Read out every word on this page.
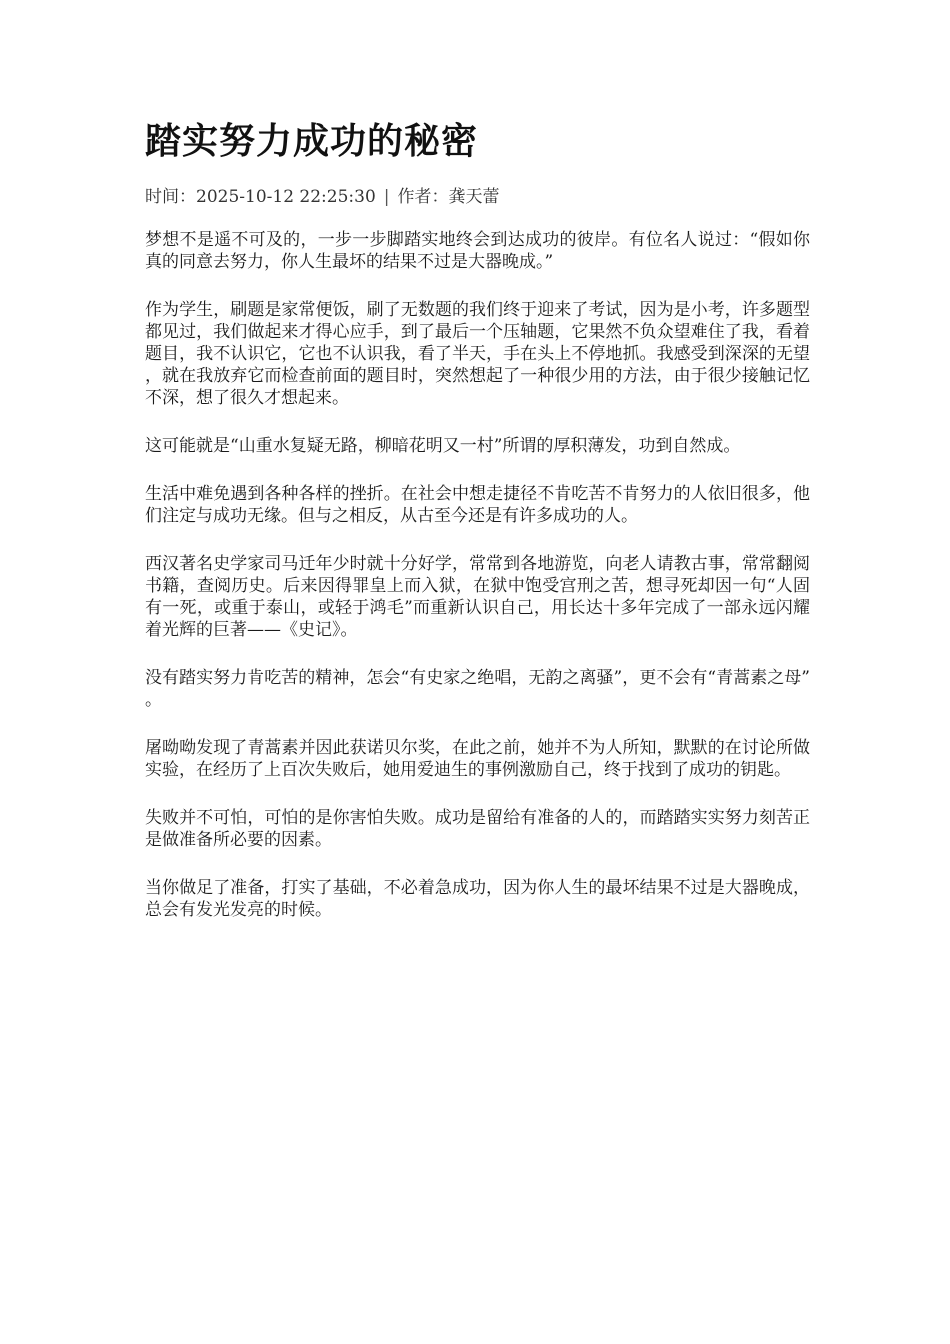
踏实努力成功的秘密
时间：2025-10-12 22:25:30 | 作者：龚天蕾

梦想不是遥不可及的，一步一步脚踏实地终会到达成功的彼岸。有位名人说过：“假如你真的同意去努力，你人生最坏的结果不过是大器晚成。”

作为学生，刷题是家常便饭，刷了无数题的我们终于迎来了考试，因为是小考，许多题型都见过，我们做起来才得心应手，到了最后一个压轴题，它果然不负众望难住了我，看着题目，我不认识它，它也不认识我，看了半天，手在头上不停地抓。我感受到深深的无望，就在我放弃它而检查前面的题目时，突然想起了一种很少用的方法，由于很少接触记忆不深，想了很久才想起来。

这可能就是“山重水复疑无路，柳暗花明又一村”所谓的厚积薄发，功到自然成。

生活中难免遇到各种各样的挫折。在社会中想走捷径不肯吃苦不肯努力的人依旧很多，他们注定与成功无缘。但与之相反，从古至今还是有许多成功的人。

西汉著名史学家司马迁年少时就十分好学，常常到各地游览，向老人请教古事，常常翻阅书籍，查阅历史。后来因得罪皇上而入狱，在狱中饱受宫刑之苦，想寻死却因一句“人固有一死，或重于泰山，或轻于鸿毛”而重新认识自己，用长达十多年完成了一部永远闪耀着光辉的巨著——《史记》。

没有踏实努力肯吃苦的精神，怎会“有史家之绝唱，无韵之离骚”，更不会有“青蒿素之母”。

屠呦呦发现了青蒿素并因此获诺贝尔奖，在此之前，她并不为人所知，默默的在讨论所做实验，在经历了上百次失败后，她用爱迪生的事例激励自己，终于找到了成功的钥匙。

失败并不可怕，可怕的是你害怕失败。成功是留给有准备的人的，而踏踏实实努力刻苦正是做准备所必要的因素。

当你做足了准备，打实了基础，不必着急成功，因为你人生的最坏结果不过是大器晚成，总会有发光发亮的时候。
